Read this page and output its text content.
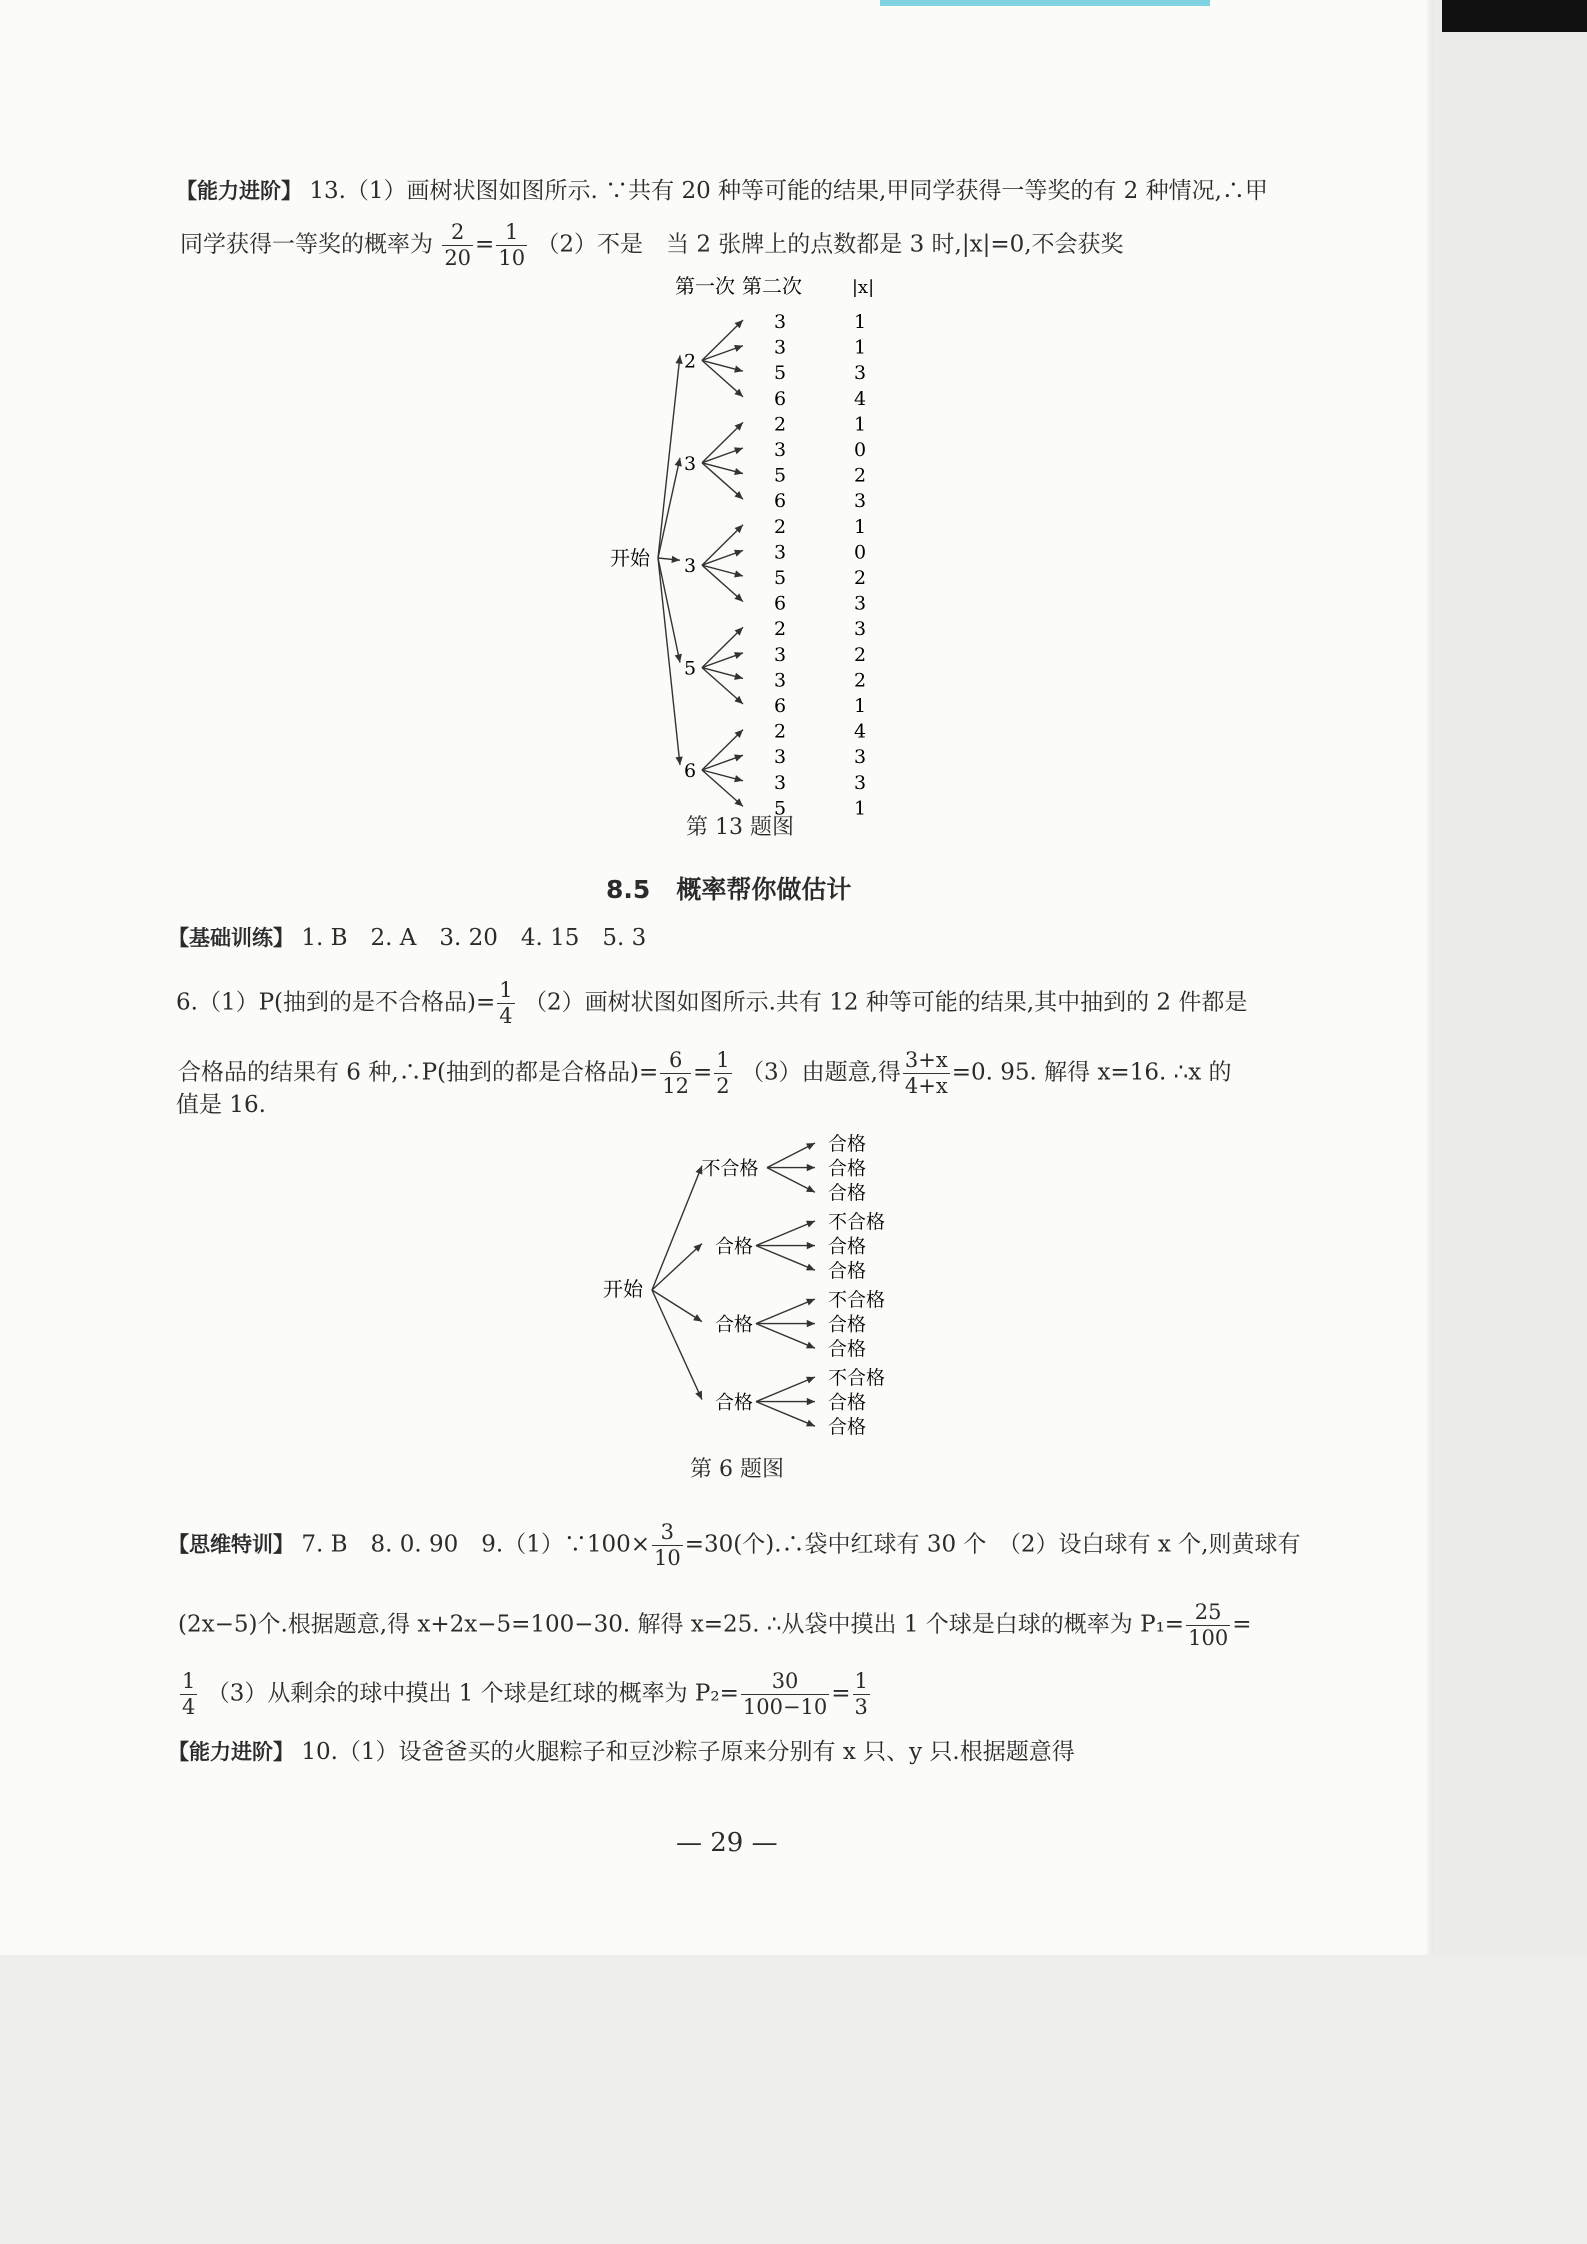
【能力进阶】 13.（1）画树状图如图所示. ∵共有 20 种等可能的结果,甲同学获得一等奖的有 2 种情况,∴甲
同学获得一等奖的概率为 $\frac{2}{20} = \frac{1}{10} (2)$不是　当 2 张牌上的点数都是 3 时,|x|=0,不会获奖
第一次 第二次	|x|
开始
2
3	1
3	1
5	3
6	4
3
2	1
3	0
5	2
6	3
3
2	1
3	0
5	2
6	3
5
2	3
3	2
3	2
6	1
6
2	4
3	3
3	3
5	1
第 13 题图
8.5 概率帮你做估计
【基础训练】 1. B　2. A　3. 20　4. 15　5. 3
6.（1）P(抽到的是不合格品)= $\frac{1}{4} (2)$画树状图如图所示.共有 12 种等可能的结果,其中抽到的 2 件都是
合格品的结果有 6 种,∴P(抽到的都是合格品)= $\frac{6}{12} = \frac{1}{2} (3)$由题意,得 $\frac{3+x}{4+x} =0$. 95. 解得 x=16. ∴x 的
值是 16.
开始
不合格
合格
合格
合格
合格
不合格
合格
合格
合格
不合格
合格
合格
合格
不合格
合格
合格
第 6 题图
【思维特训】 7. B　8. 0. 90　9.（1）∵100× $\frac{3}{10} =30$(个).∴袋中红球有 30 个　（2）设白球有 x 个,则黄球有
(2x−5)个.根据题意,得 x+2x−5=100−30. 解得 x=25. ∴从袋中摸出 1 个球是白球的概率为 $P_1= \frac{25}{100}$ =
$\frac{1}{4} (3)$从剩余的球中摸出 1 个球是红球的概率为 $P_2= \frac{30}{100-10} = \frac{1}{3}$
【能力进阶】 10.（1）设爸爸买的火腿粽子和豆沙粽子原来分别有 x 只、y 只.根据题意得
— 29 —
